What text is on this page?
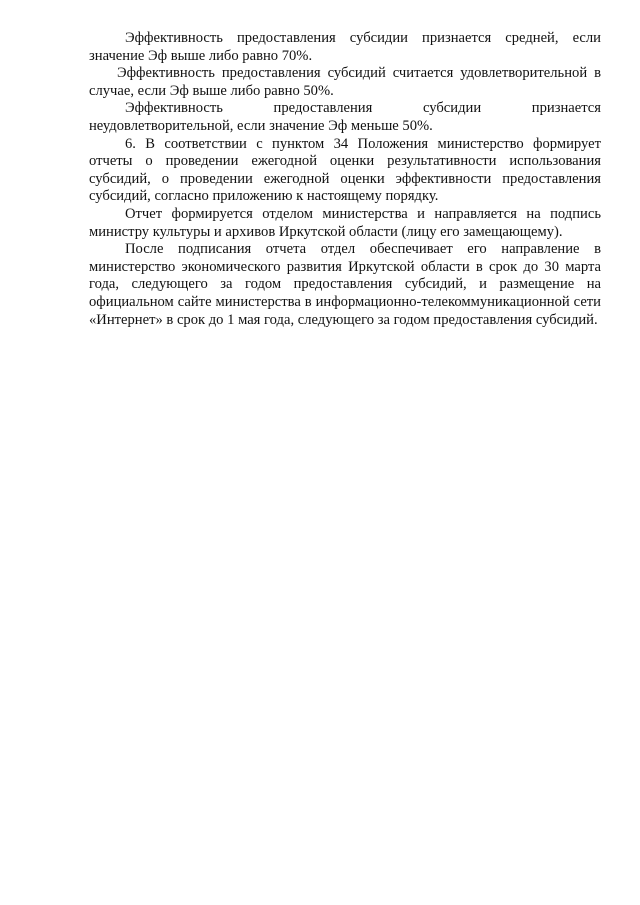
Эффективность предоставления субсидии признается средней, если значение Эф выше либо равно 70%.

Эффективность предоставления субсидий считается удовлетворительной в случае, если Эф выше либо равно 50%.

Эффективность предоставления субсидии признается неудовлетворительной, если значение Эф меньше 50%.

6. В соответствии с пунктом 34 Положения министерство формирует отчеты о проведении ежегодной оценки результативности использования субсидий, о проведении ежегодной оценки эффективности предоставления субсидий, согласно приложению к настоящему порядку.

Отчет формируется отделом министерства и направляется на подпись министру культуры и архивов Иркутской области (лицу его замещающему).

После подписания отчета отдел обеспечивает его направление в министерство экономического развития Иркутской области в срок до 30 марта года, следующего за годом предоставления субсидий, и размещение на официальном сайте министерства в информационно-телекоммуникационной сети «Интернет» в срок до 1 мая года, следующего за годом предоставления субсидий.
